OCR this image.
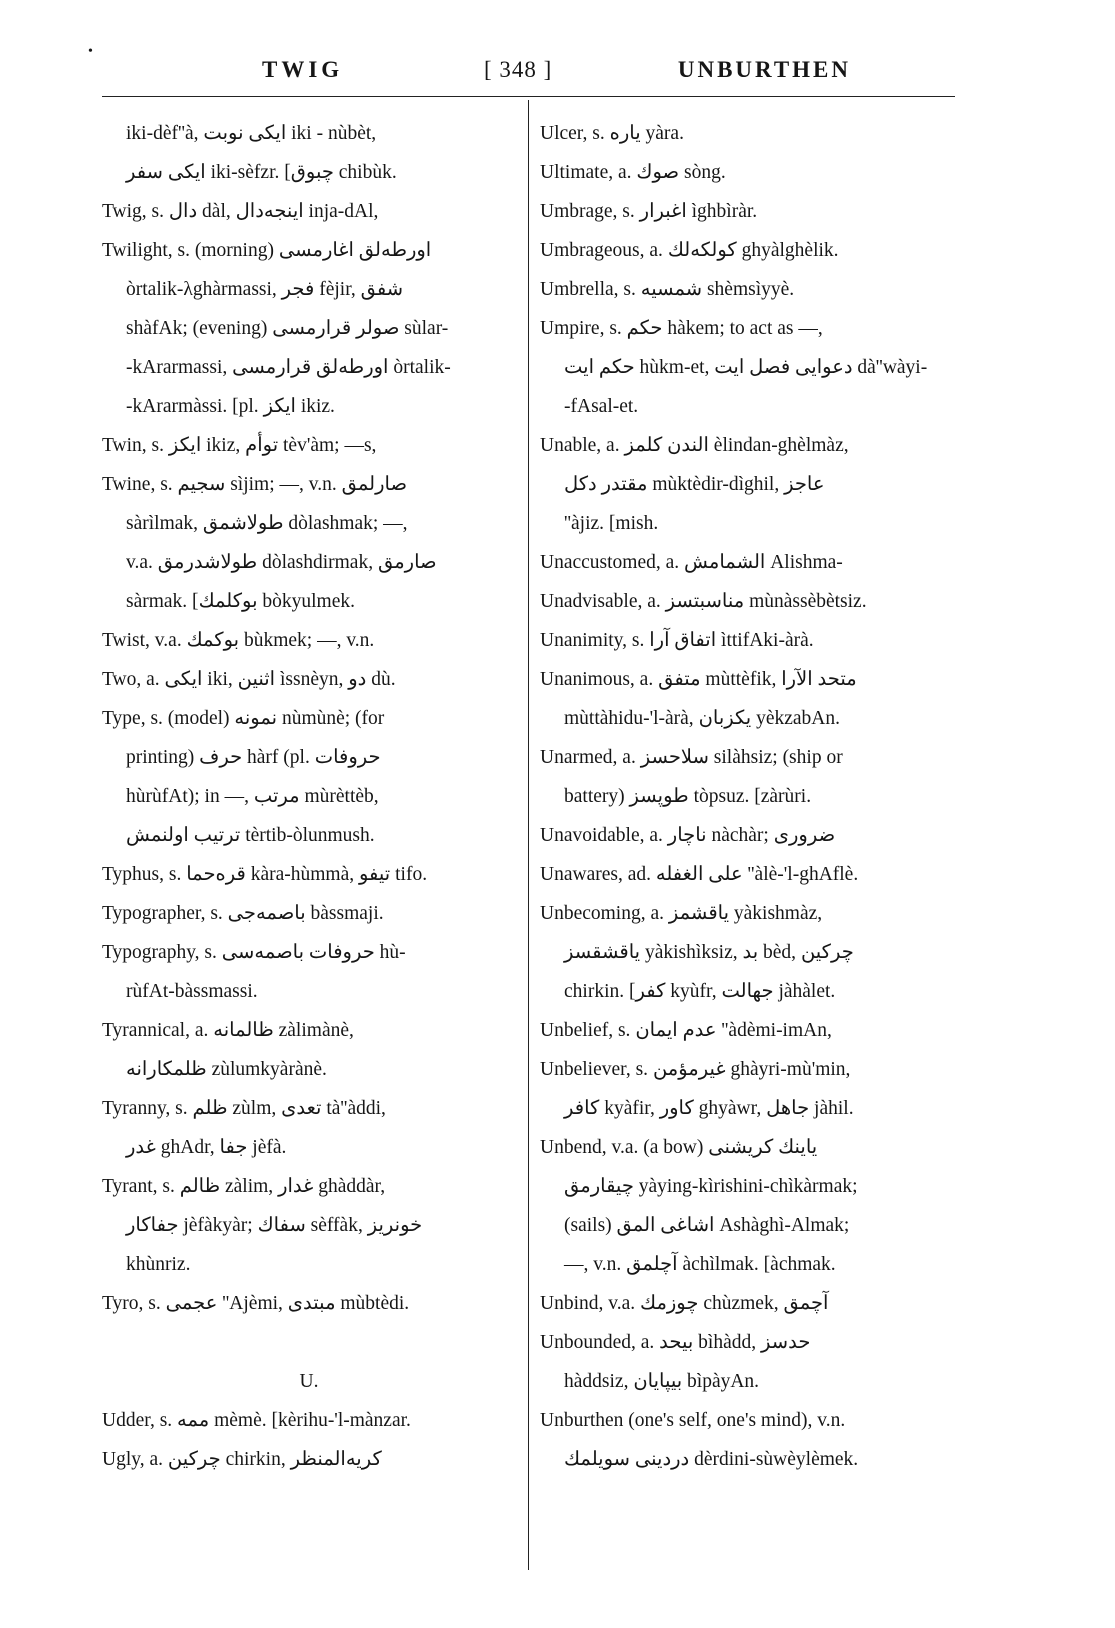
•
TWIG	[ 348 ]	UNBURTHEN
iki-dèf''à, ایكی نوبت iki - nùbèt,
ایكی سفر iki-sèfzr. [چبوق chibùk.
Twig, s. دال dàl, اینجه‌دال inja-dAl,
Twilight, s. (morning) اورطه‌لق اغارمسی
òrtalik-λghàrmassi, فجر fèjir, شفق
shàfAk; (evening) صولر قرارمسی sùlar-
-kArarmassi, اورطه‌لق قرارمسی òrtalik-
-kArarmàssi. [pl. ایكز ikiz.
Twin, s. ایكز ikiz, توأم tèv'àm; —s,
Twine, s. سجیم sìjim; —, v.n. صارلمق
sàrìlmak, طولاشمق dòlashmak; —,
v.a. طولاشدرمق dòlashdirmak, صارمق
sàrmak. [بوكلمك bòkyulmek.
Twist, v.a. بوكمك bùkmek; —, v.n.
Two, a. ایكی iki, اثنین ìssnèyn, دو dù.
Type, s. (model) نمونه nùmùnè; (for
printing) حرف hàrf (pl. حروفات
hùrùfAt); in —, مرتب mùrèttèb,
ترتیب اولنمش tèrtib-òlunmush.
Typhus, s. قره‌حما kàra-hùmmà, تیفو tifo.
Typographer, s. باصمه‌جی bàssmaji.
Typography, s. حروفات باصمه‌سی hù-
rùfAt-bàssmassi.
Tyrannical, a. ظالمانه zàlimànè,
ظلمكارانه zùlumkyàrànè.
Tyranny, s. ظلم zùlm, تعدی tà''àddi,
غدر ghAdr, جفا jèfà.
Tyrant, s. ظالم zàlim, غدار ghàddàr,
جفاكار jèfàkyàr; سفاك sèffàk, خونریز
khùnriz.
Tyro, s. عجمی ''Ajèmi, مبتدی mùbtèdi.
U.
Udder, s. ممه mèmè. [kèrihu-'l-mànzar.
Ugly, a. چركین chirkin, كریه‌المنظر
Ulcer, s. یاره yàra.
Ultimate, a. صوك sòng.
Umbrage, s. اغبرار ìghbìràr.
Umbrageous, a. كولكه‌لك ghyàlghèlik.
Umbrella, s. شمسیه shèmsìyyè.
Umpire, s. حكم hàkem; to act as —,
حكم ایت hùkm-et, دعوایی فصل ایت dà''wàyi-
-fAsal-et.
Unable, a. الندن كلمز èlindan-ghèlmàz,
مقتدر دكل mùktèdir-dìghil, عاجز
''àjiz. [mish.
Unaccustomed, a. الشمامش Alishma-
Unadvisable, a. مناسبتسز mùnàssèbètsiz.
Unanimity, s. اتفاق آرا ìttifAki-àrà.
Unanimous, a. متفق mùttèfik, متحد الآرا
mùttàhidu-'l-àrà, یكزبان yèkzabAn.
Unarmed, a. سلاحسز silàhsiz; (ship or
battery) طوپسز tòpsuz. [zàrùri.
Unavoidable, a. ناچار nàchàr; ضروری
Unawares, ad. علی الغفله ''àlè-'l-ghAflè.
Unbecoming, a. یاقشمز yàkishmàz,
یاقشقسز yàkishìksiz, بد bèd, چركین
chirkin. [كفر kyùfr, جهالت jàhàlet.
Unbelief, s. عدم ایمان ''àdèmi-imAn,
Unbeliever, s. غیرمؤمن ghàyri-mù'min,
كافر kyàfir, كاور ghyàwr, جاهل jàhil.
Unbend, v.a. (a bow) یاینك كریشنی
چیقارمق yàying-kìrishini-chìkàrmak;
(sails) اشاغی المق Ashàghì-Almak;
—, v.n. آچلمق àchìlmak. [àchmak.
Unbind, v.a. چوزمك chùzmek, آچمق
Unbounded, a. بیحد bìhàdd, حدسز
hàddsiz, بیپایان bìpàyAn.
Unburthen (one's self, one's mind), v.n.
دردینی سویلمك dèrdini-sùwèylèmek.
